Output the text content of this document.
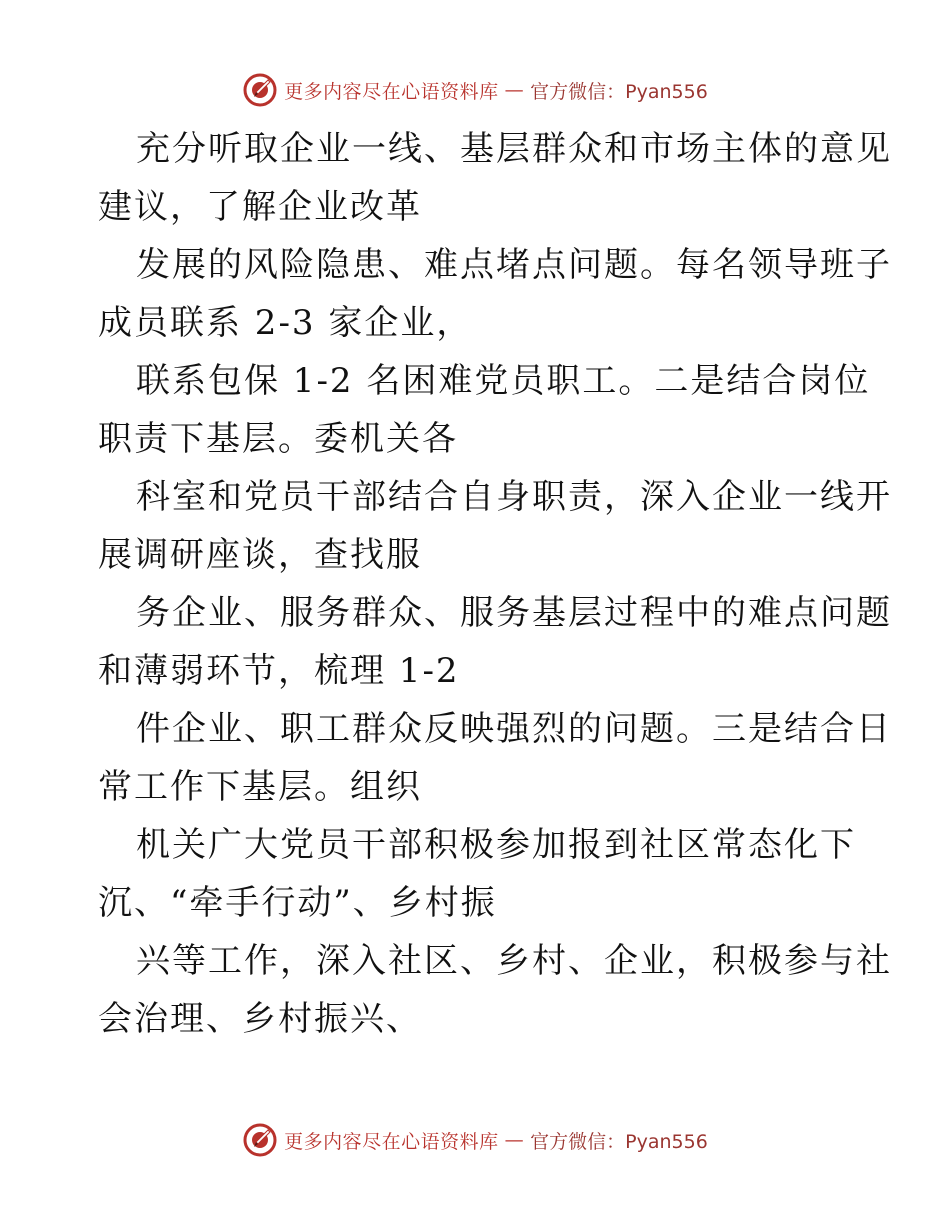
更多内容尽在心语资料库 — 官方微信：Pyan556
充分听取企业一线、基层群众和市场主体的意见
建议，了解企业改革
发展的风险隐患、难点堵点问题。每名领导班子
成员联系 2-3 家企业，
联系包保 1-2 名困难党员职工。二是结合岗位
职责下基层。委机关各
科室和党员干部结合自身职责，深入企业一线开
展调研座谈，查找服
务企业、服务群众、服务基层过程中的难点问题
和薄弱环节，梳理 1-2
件企业、职工群众反映强烈的问题。三是结合日
常工作下基层。组织
机关广大党员干部积极参加报到社区常态化下
沉、“牵手行动”、乡村振
兴等工作，深入社区、乡村、企业，积极参与社
会治理、乡村振兴、
更多内容尽在心语资料库 — 官方微信：Pyan556
